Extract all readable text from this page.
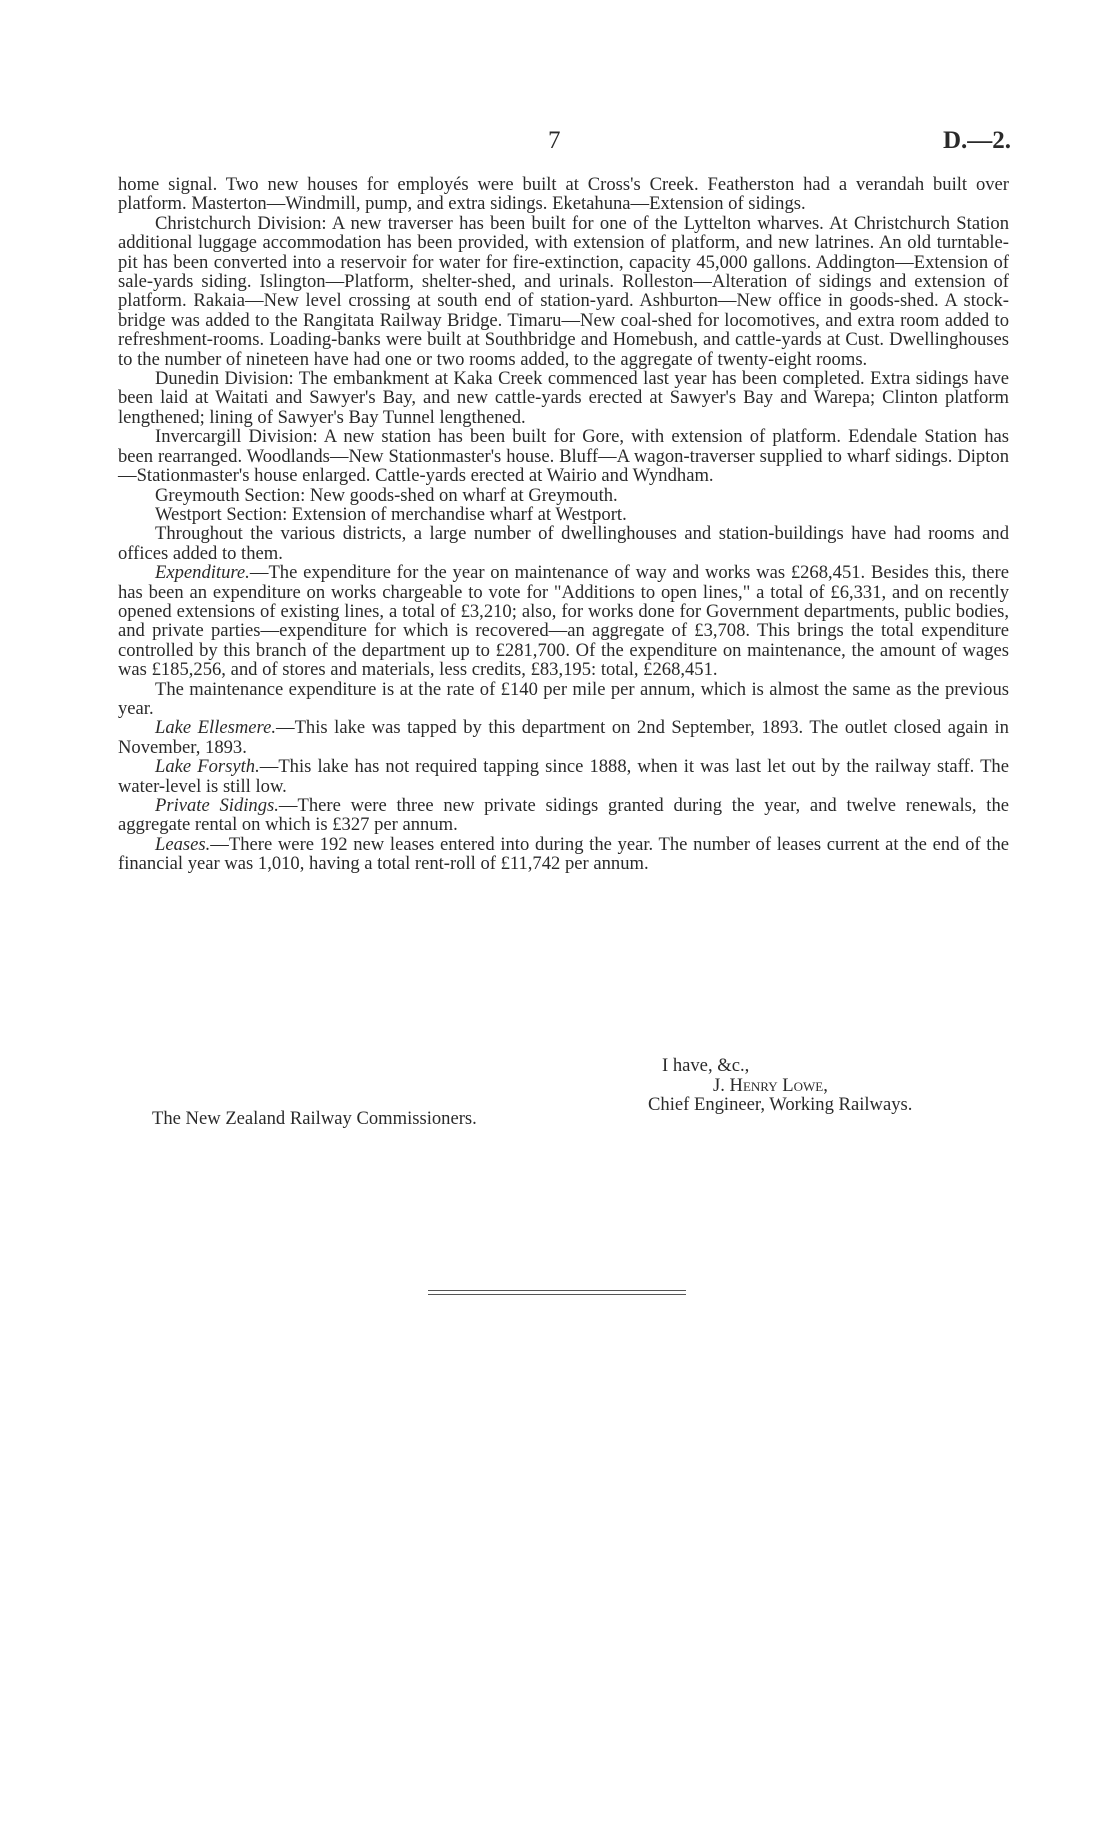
7	D.—2.

home signal. Two new houses for employés were built at Cross's Creek. Featherston had a verandah built over platform. Masterton—Windmill, pump, and extra sidings. Eketahuna—Extension of sidings.

Christchurch Division: A new traverser has been built for one of the Lyttelton wharves. At Christchurch Station additional luggage accommodation has been provided, with extension of platform, and new latrines. An old turntable-pit has been converted into a reservoir for water for fire-extinction, capacity 45,000 gallons. Addington—Extension of sale-yards siding. Islington—Platform, shelter-shed, and urinals. Rolleston—Alteration of sidings and extension of platform. Rakaia—New level crossing at south end of station-yard. Ashburton—New office in goods-shed. A stock-bridge was added to the Rangitata Railway Bridge. Timaru—New coal-shed for locomotives, and extra room added to refreshment-rooms. Loading-banks were built at Southbridge and Homebush, and cattle-yards at Cust. Dwellinghouses to the number of nineteen have had one or two rooms added, to the aggregate of twenty-eight rooms.

Dunedin Division: The embankment at Kaka Creek commenced last year has been completed. Extra sidings have been laid at Waitati and Sawyer's Bay, and new cattle-yards erected at Sawyer's Bay and Warepa; Clinton platform lengthened; lining of Sawyer's Bay Tunnel lengthened.

Invercargill Division: A new station has been built for Gore, with extension of platform. Edendale Station has been rearranged. Woodlands—New Stationmaster's house. Bluff—A wagon-traverser supplied to wharf sidings. Dipton—Stationmaster's house enlarged. Cattle-yards erected at Wairio and Wyndham.

Greymouth Section: New goods-shed on wharf at Greymouth.

Westport Section: Extension of merchandise wharf at Westport.

Throughout the various districts, a large number of dwellinghouses and station-buildings have had rooms and offices added to them.

Expenditure.—The expenditure for the year on maintenance of way and works was £268,451. Besides this, there has been an expenditure on works chargeable to vote for "Additions to open lines," a total of £6,331, and on recently opened extensions of existing lines, a total of £3,210; also, for works done for Government departments, public bodies, and private parties—expenditure for which is recovered—an aggregate of £3,708. This brings the total expenditure controlled by this branch of the department up to £281,700. Of the expenditure on maintenance, the amount of wages was £185,256, and of stores and materials, less credits, £83,195: total, £268,451.

The maintenance expenditure is at the rate of £140 per mile per annum, which is almost the same as the previous year.

Lake Ellesmere.—This lake was tapped by this department on 2nd September, 1893. The outlet closed again in November, 1893.

Lake Forsyth.—This lake has not required tapping since 1888, when it was last let out by the railway staff. The water-level is still low.

Private Sidings.—There were three new private sidings granted during the year, and twelve renewals, the aggregate rental on which is £327 per annum.

Leases.—There were 192 new leases entered into during the year. The number of leases current at the end of the financial year was 1,010, having a total rent-roll of £11,742 per annum.

I have, &c.,
J. Henry Lowe,
Chief Engineer, Working Railways.
The New Zealand Railway Commissioners.
